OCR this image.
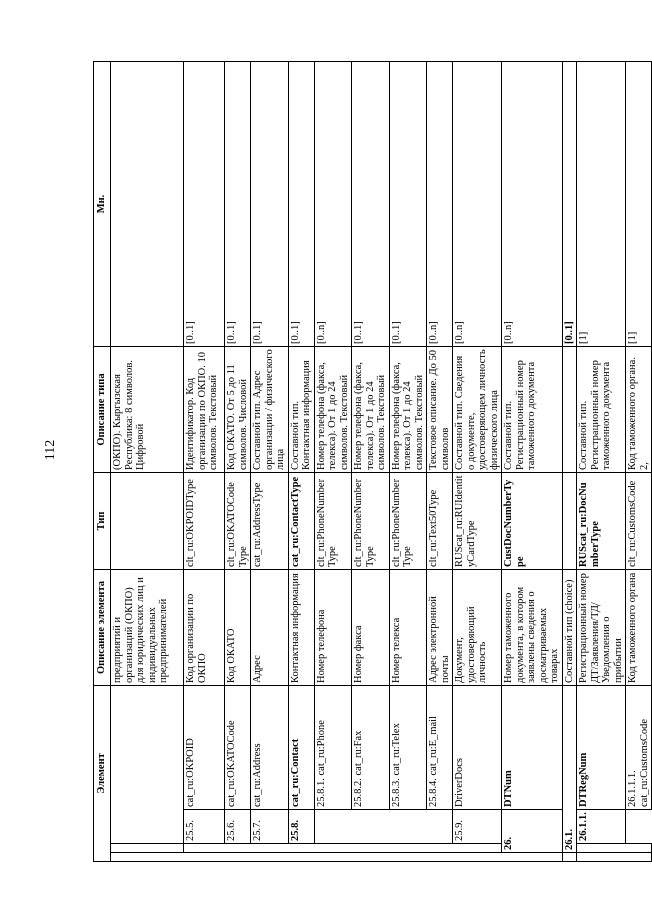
112
Элемент				Описание элемента	Тип	Описание типа	Мн.
				предприятий и организаций (ОКПО) для юридических лиц и индивидуальных предпринимателей		(ОКПО). Кыргызская Республика: 8 символов. Цифровой	
		25.5.	cat_ru:OKPOID	Код организации по ОКПО	clt_ru:OKPOIDType	Идентификатор. Код организации по ОКПО. 10 символов. Текстовый	[0..1]
		25.6.	cat_ru:OKATOCode	Код ОКАТО	clt_ru:OKATOCode Type	Код ОКАТО. От 5 до 11 символов. Числовой	[0..1]
		25.7.	cat_ru:Address	Адрес	cat_ru:AddressType	Составной тип. Адрес организации / физического лица	[0..1]
		25.8.	cat_ru:Contact	Контактная информация	cat_ru:ContactType	Составной тип. Контактная информация	[0..1]
			25.8.1. cat_ru:Phone	Номер телефона	clt_ru:PhoneNumber Type	Номер телефона (факса, телекса). От 1 до 24 символов. Текстовый	[0..n]
			25.8.2. cat_ru:Fax	Номер факса	clt_ru:PhoneNumber Type	Номер телефона (факса, телекса). От 1 до 24 символов. Текстовый	[0..1]
			25.8.3. cat_ru:Telex	Номер телекса	clt_ru:PhoneNumber Type	Номер телефона (факса, телекса). От 1 до 24 символов. Текстовый	[0..1]
			25.8.4. cat_ru:E_mail	Адрес электронной почты	clt_ru:Text50Type	Текстовое описание. До 50 символов	[0..n]
		25.9.	DriverDocs	Документ, удостоверяющий личность	RUScat_ru:RUIdentit yCardType	Составной тип. Сведения о документе, удостоверяющем личность физического лица	[0..n]
	26.		DTNum	Номер таможенного документа, в котором заявлены сведения о досматриваемых товарах	CustDocNumberTy pe	Составной тип. Регистрационный номер таможенного документа	[0..n]
	26.1.			Составной тип (choice)			[0..1]
		26.1.1.	DTRegNum	Регистрационный номер ДТ/Заявления/ТД/Уведомления о прибытии	RUScat_ru:DocNu mberType	Составной тип. Регистрационный номер таможенного документа	[1]
			26.1.1.1. cat_ru:CustomsCode	Код таможенного органа	clt_ru:CustomsCode	Код таможенного органа. 2,	[1]
